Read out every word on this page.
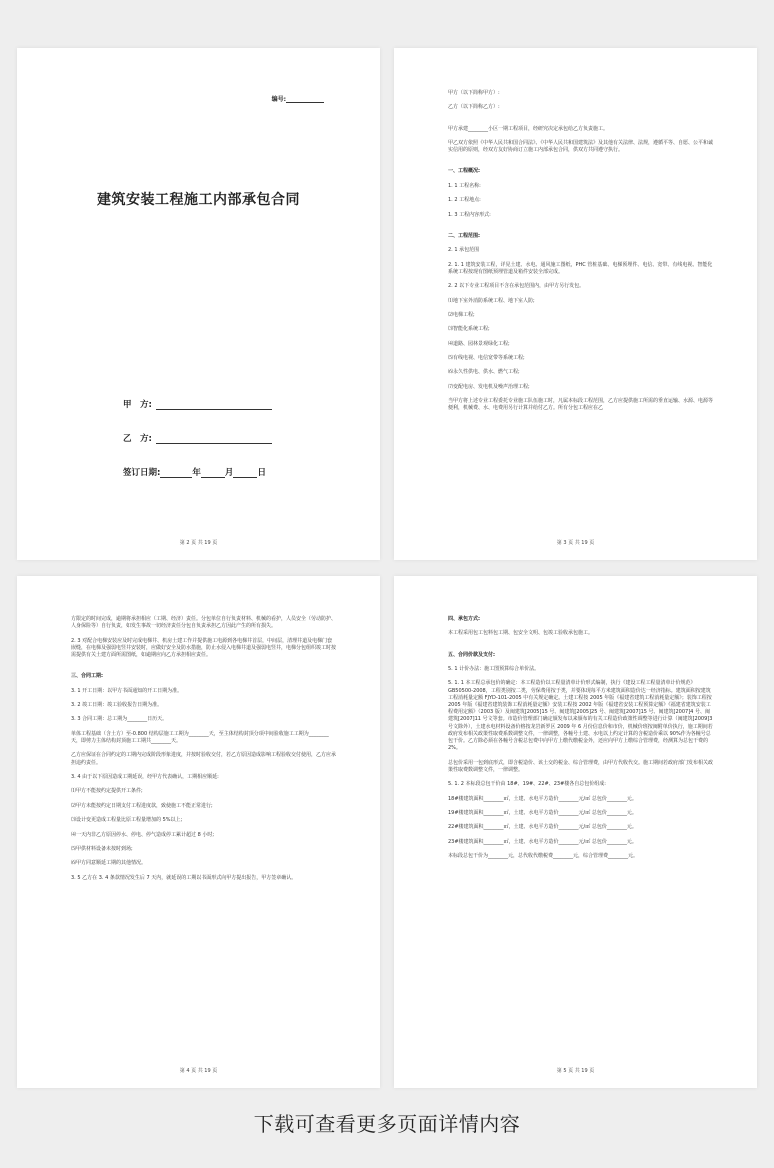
编号:
建筑安装工程施工内部承包合同
甲　方:
乙　方:
签订日期:	年	月	日
第 2 页 共 19 页

甲方（以下简称甲方）:

乙方（以下简称乙方）:

甲方承建________小区一期工程项目，经研究决定承包给乙方负责施工。

甲乙双方依照《中华人民共和国合同法》、《中华人民共和国建筑法》及其他有关法律、法规，遵循平等、自愿、公平和诚实信用的原则，经双方友好协商订立施工内部承包合同，供双方共同遵守执行。

一、工程概况:

1. 1 工程名称:

1. 2 工程地点:

1. 3 工程内容形式:

二、工程范围:

2. 1 承包范围

2. 1. 1 建筑安装工程，详见土建、水电、通风施工图纸，PHC 管桩基础、电梯预埋件、电信、宽带、有线电视、智能化系统工程按现有图纸预埋管道及箱件安装全部完成。

2. 2 以下专业工程项目不含在承包范围内，由甲方另行发包。

⑴地下室外消防系统工程、地下室人防;

⑵电梯工程;

⑶智能化系统工程;

⑷道路、园林景观绿化工程;

⑸有线电视、电信宽带等系统工程;

⑹永久性供电、供水、燃气工程;

⑺变配电房、发电机及噪声治理工程;

当甲方将上述专业工程委托专业施工队伍施工时，凡属本标段工程范围，乙方应提供施工所需的垂直运输、水源、电源等便利，机械费、水、电费用另行计算并给付乙方。所有分包工程应在乙

第 3 页 共 19 页

方限定的时间完成，逾期将承担相应（工期、经济）责任。分包单位自行负责材料、机械的看护，人员安全（劳动防护、人身保险等）自行负责，如发生事故一切经济责任分包自负责承担乙方因此产生的所有损失。

2. 3 对配合电梯安装应及时完成电梯井、机房土建工作并提供施工电源到各电梯井首层，中间层，清理井道及电梯门套嵌缝，在电梯及强弱电竖井安装时，应做好安全及防水措施，防止水侵入电梯井道及强弱电竖井，电梯分包组织竣工时按需提供有关土建方面所需图纸，如逾期应向乙方承担相应责任。

三、合同工期:

3. 1 开工日期：以甲方书面通知的开工日期为准。

3. 2 竣工日期：竣工验收报告日期为准。

3. 3 合同工期：总工期为________日历天。

单体工程基础（含土方）至-0.800 结构层施工工期为________天，至主体结构封顶分项中间验收施工工期为________天，即剪力主体结构封顶施工工期共________天。

乙方应保证在合同约定的工期内完成阶段形象进度，并按时验收交付，若乙方原因造成影响工程验收交付使用，乙方应承担违约责任。

3. 4 由于以下原因造成工期延误，经甲方代表确认，工期相应顺延:

⑴甲方不能按约定提供开工条件;

⑵甲方未能按约定日期支付工程进度款，致使施工不能正常进行;

⑶设计变更造成工程量比原工程量增加的 5%以上;

⑷一天内非乙方原因停水、停电、停气造成停工累计超过 8 小时;

⑸甲供材料设备未按时到场;

⑹甲方同意顺延工期的其他情况。

3. 5 乙方在 3. 4 条款情况发生后 7 天内，就延误的工期以书面形式向甲方提出报告，甲方签章确认。

第 4 页 共 19 页

四、承包方式:

本工程采用包工包料包工期、包安全文明、包竣工验收承包施工。

五、合同价款及支付:

5. 1 计价办法：施工图预算综合单价法。

5. 1. 1 本工程总承包价的确定：本工程造价以工程量清单计价形式编制，执行《建设工程工程量清单计价规范》GB50500-2008，工程类别按二类，劳保费用按于类，并要体现每平方米建筑面积造价达一经济指标。建筑面积按建筑工程消耗量定额 FJYD-101-2005 中有关规定确定。土建工程按 2005 年版《福建省建筑工程消耗量定额》；装饰工程按 2005 年版《福建省建筑装饰工程消耗量定额》安装工程按 2002 年版《福建省安装工程预算定额》《福建省建筑安装工程费用定额》（2003 版）及闽建筑[2005]15 号、闽建筑[2005]25 号、闽建筑[2007]15 号、闽建筑[2007]4 号、闽建筑[2007]11 号文等套。市造价管理部门确定颁发布以来颁布的有关工程造价政策性调整等进行计算（闽建筑[2009]3 号文除外），土建水电材料设备价格按龙岩新罗区 2009 年 6 月份信息价和市价，机械价班按闽附单价执行，施工期间若政府发布相关政策性取费系数调整文件，一律调整，各幢号土建、水电以上约定计算的含税造价乘以 90%作为各幢号总包干价。乙方除必须在各幢号含税总包费中向甲方上缴代缴税金外，还应向甲方上缴综合管理费，经测算为总包干费的 2%。

总包价采用一包到底形式，即含税造价、该土交的税金、综合管理费，由甲方代收代交。施工期间若政府部门发布相关政策性取费数调整文件，一律调整。

5. 1. 2 本标段总包干价由 18#、19#、22#、23#楼各自总包价组成:

18#楼建筑面积________㎡，土建、水电平方造价________元/㎡ 总包价________元。

19#楼建筑面积________㎡，土建、水电平方造价________元/㎡ 总包价________元。

22#楼建筑面积________㎡，土建、水电平方造价________元/㎡ 总包价________元。

23#楼建筑面积________㎡，土建、水电平方造价________元/㎡ 总包价________元。

本标段总包干价为________元，总代收代缴税费________元，综合管理费________元。

第 5 页 共 19 页
下载可查看更多页面详情内容
